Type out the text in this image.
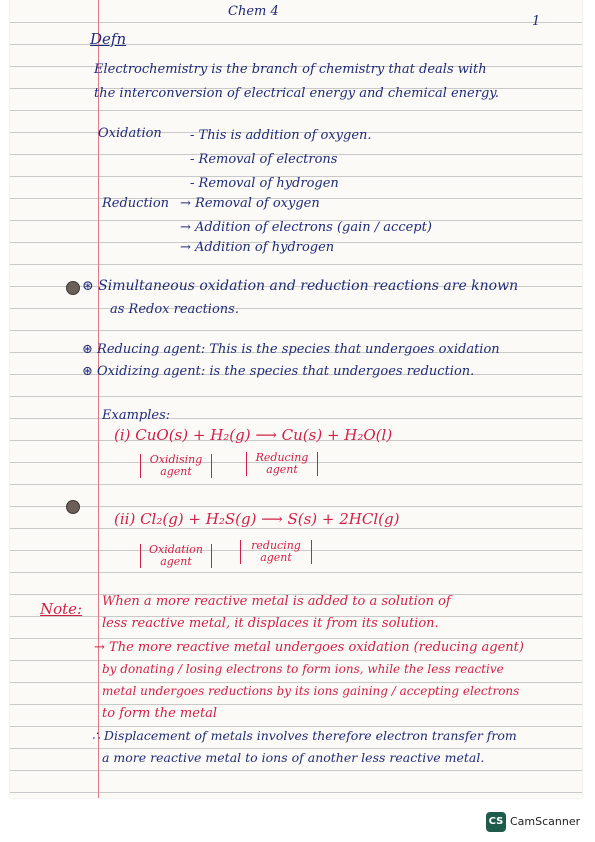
Chem 4
1
Defn
Electrochemistry is the branch of chemistry that deals with
the interconversion of electrical energy and chemical energy.
Oxidation - This is addition of oxygen.
- Removal of electrons
- Removal of hydrogen
Reduction → Removal of oxygen
→ Addition of electrons (gain / accept)
→ Addition of hydrogen
⊛ Simultaneous oxidation and reduction reactions are known
as Redox reactions.
⊛ Reducing agent: This is the species that undergoes oxidation
⊛ Oxidizing agent: is the species that undergoes reduction.
Examples:
(i) CuO(s) + H₂(g) ⟶ Cu(s) + H₂O(l)
Oxidising agent
Reducing agent
(ii) Cl₂(g) + H₂S(g) ⟶ S(s) + 2HCl(g)
Oxidation agent
reducing agent
Note: When a more reactive metal is added to a solution of
less reactive metal, it displaces it from its solution.
→ The more reactive metal undergoes oxidation (reducing agent)
by donating / losing electrons to form ions, while the less reactive
metal undergoes reductions by its ions gaining / accepting electrons
to form the metal
∴ Displacement of metals involves therefore electron transfer from
a more reactive metal to ions of another less reactive metal.
CS CamScanner
